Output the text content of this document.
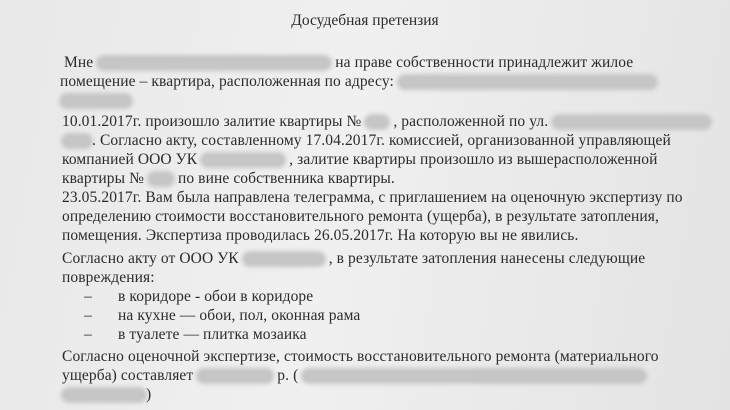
Досудебная претензия
Мне	на праве собственности принадлежит жилое
помещение – квартира, расположенная по адресу:
10.01.2017г. произошло залитие квартиры № , расположенной по ул.
. Согласно акту, составленному 17.04.2017г. комиссией, организованной управляющей
компанией ООО УК	, залитие квартиры произошло из вышерасположенной
квартиры № по вине собственника квартиры.
23.05.2017г. Вам была направлена телеграмма, с приглашением на оценочную экспертизу по
определению стоимости восстановительного ремонта (ущерба), в результате затопления,
помещения. Экспертиза проводилась 26.05.2017г. На которую вы не явились.
Согласно акту от ООО УК	, в результате затопления нанесены следующие
повреждения:
– в коридоре - обои в коридоре
– на кухне — обои, пол, оконная рама
– в туалете — плитка мозаика
Согласно оценочной экспертизе, стоимость восстановительного ремонта (материального
ущерба) составляет	р. (
)
